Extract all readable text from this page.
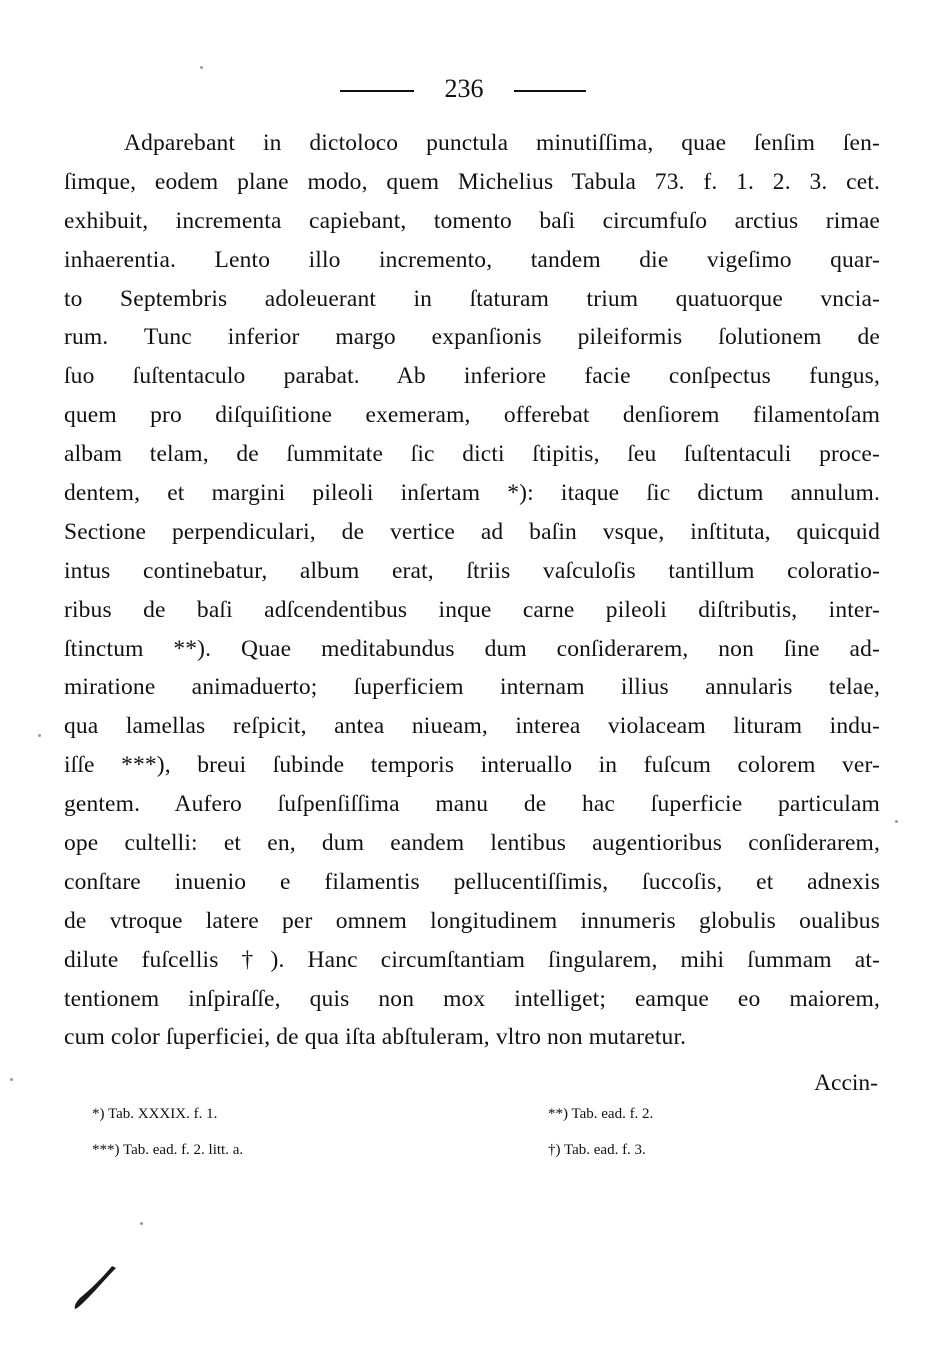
236
Adparebant in dictoloco punctula minutiſſima, quae ſenſim ſen-
ſimque, eodem plane modo, quem Michelius Tabula 73. f. 1. 2. 3. cet.
exhibuit, incrementa capiebant, tomento baſi circumfuſo arctius rimae
inhaerentia. Lento illo incremento, tandem die vigeſimo quar-
to Septembris adoleuerant in ſtaturam trium quatuorque vncia-
rum. Tunc inferior margo expanſionis pileiformis ſolutionem de
ſuo ſuſtentaculo parabat. Ab inferiore facie conſpectus fungus,
quem pro diſquiſitione exemeram, offerebat denſiorem filamentoſam
albam telam, de ſummitate ſic dicti ſtipitis, ſeu ſuſtentaculi proce-
dentem, et margini pileoli inſertam *): itaque ſic dictum annulum.
Sectione perpendiculari, de vertice ad baſin vsque, inſtituta, quicquid
intus continebatur, album erat, ſtriis vaſculoſis tantillum coloratio-
ribus de baſi adſcendentibus inque carne pileoli diſtributis, inter-
ſtinctum **). Quae meditabundus dum conſiderarem, non ſine ad-
miratione animaduerto; ſuperficiem internam illius annularis telae,
qua lamellas reſpicit, antea niueam, interea violaceam lituram indu-
iſſe ***), breui ſubinde temporis interuallo in fuſcum colorem ver-
gentem. Aufero ſuſpenſiſſima manu de hac ſuperficie particulam
ope cultelli: et en, dum eandem lentibus augentioribus conſiderarem,
conſtare inuenio e filamentis pellucentiſſimis, ſuccoſis, et adnexis
de vtroque latere per omnem longitudinem innumeris globulis oualibus
dilute fuſcellis †). Hanc circumſtantiam ſingularem, mihi ſummam at-
tentionem inſpiraſſe, quis non mox intelliget; eamque eo maiorem,
cum color ſuperficiei, de qua iſta abſtuleram, vltro non mutaretur.
Accin-
*) Tab. XXXIX. f. 1.	**) Tab. ead. f. 2.
***) Tab. ead. f. 2. litt. a.	†) Tab. ead. f. 3.
